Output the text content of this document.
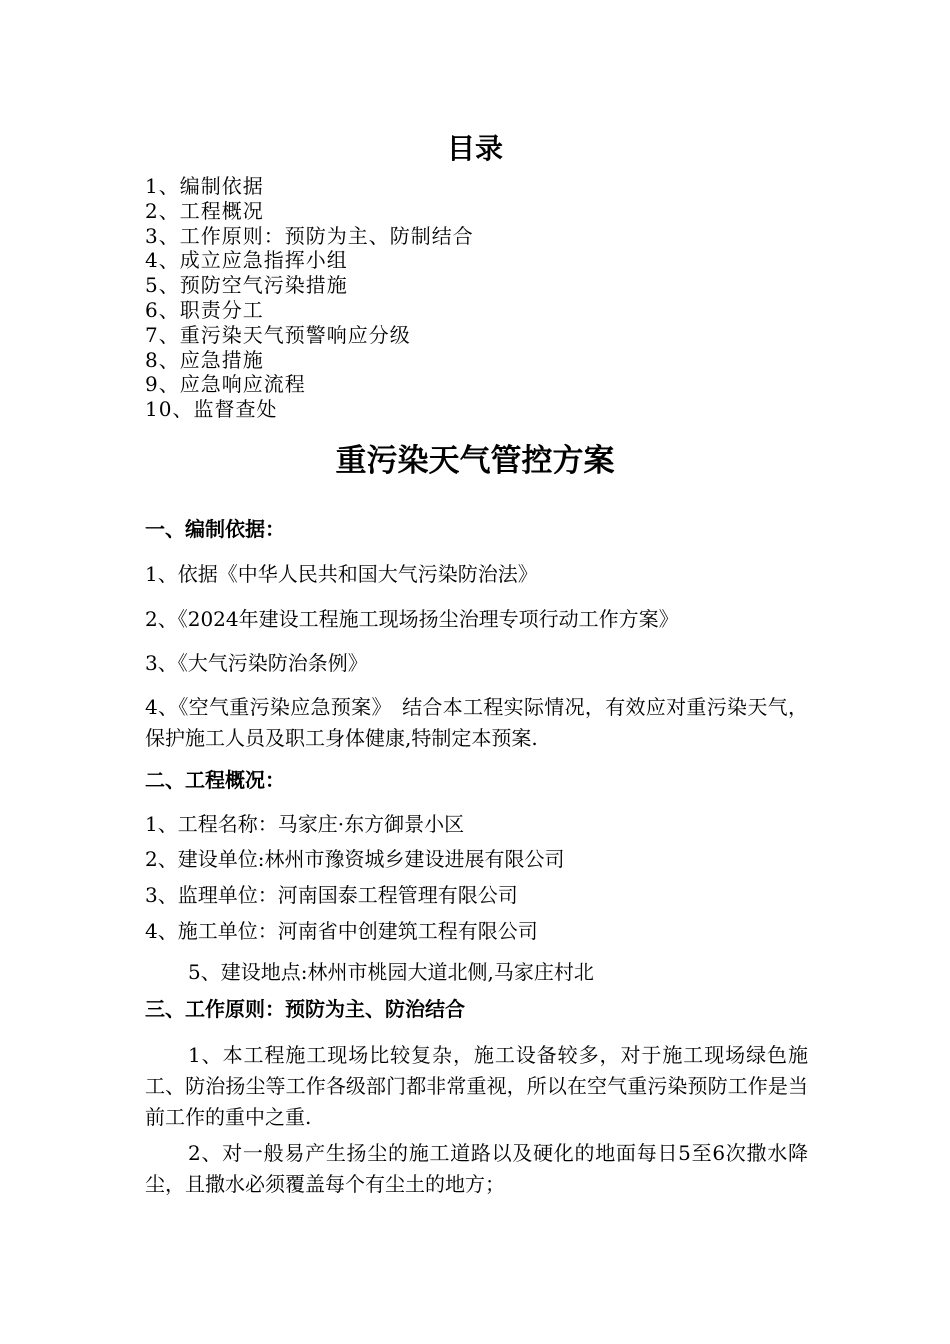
目录
1、编制依据
2、工程概况
3、工作原则：预防为主、防制结合
4、成立应急指挥小组
5、预防空气污染措施
6、职责分工
7、重污染天气预警响应分级
8、应急措施
9、应急响应流程
10、监督查处
重污染天气管控方案
一、编制依据：
1、依据《中华人民共和国大气污染防治法》
2、《2024年建设工程施工现场扬尘治理专项行动工作方案》
3、《大气污染防治条例》
4、《空气重污染应急预案》　结合本工程实际情况，有效应对重污染天气，保护施工人员及职工身体健康,特制定本预案.
二、工程概况：
1、工程名称：马家庄·东方御景小区
2、建设单位:林州市豫资城乡建设进展有限公司
3、监理单位：河南国泰工程管理有限公司
4、施工单位：河南省中创建筑工程有限公司
5、建设地点:林州市桃园大道北侧,马家庄村北
三、工作原则：预防为主、防治结合
1、本工程施工现场比较复杂，施工设备较多，对于施工现场绿色施工、防治扬尘等工作各级部门都非常重视，所以在空气重污染预防工作是当前工作的重中之重.
2、对一般易产生扬尘的施工道路以及硬化的地面每日5至6次撒水降尘，且撒水必须覆盖每个有尘土的地方；
